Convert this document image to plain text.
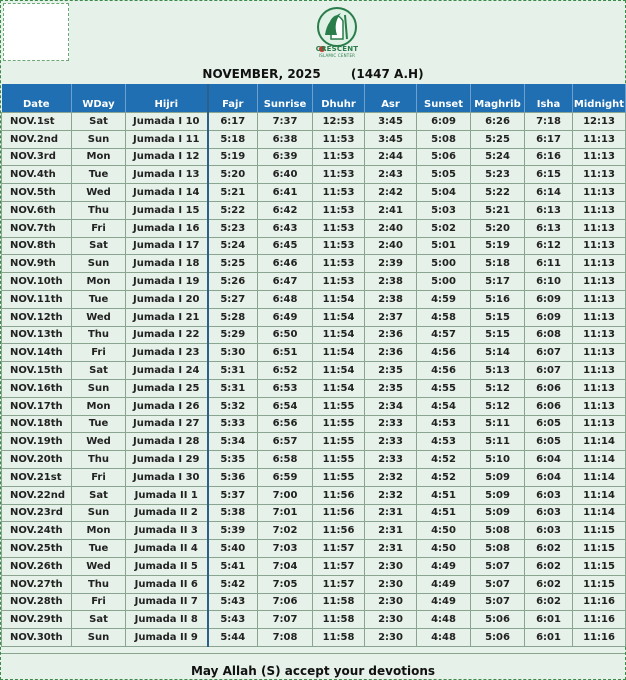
CRESCENT
ISLAMIC CENTER
NOVEMBER, 2025	(1447 A.H)
Date	WDay	Hijri	Fajr	Sunrise	Dhuhr	Asr	Sunset	Maghrib	Isha	Midnight
NOV.1st	Sat	Jumada I 10	6:17	7:37	12:53	3:45	6:09	6:26	7:18	12:13
NOV.2nd	Sun	Jumada I 11	5:18	6:38	11:53	3:45	5:08	5:25	6:17	11:13
NOV.3rd	Mon	Jumada I 12	5:19	6:39	11:53	2:44	5:06	5:24	6:16	11:13
NOV.4th	Tue	Jumada I 13	5:20	6:40	11:53	2:43	5:05	5:23	6:15	11:13
NOV.5th	Wed	Jumada I 14	5:21	6:41	11:53	2:42	5:04	5:22	6:14	11:13
NOV.6th	Thu	Jumada I 15	5:22	6:42	11:53	2:41	5:03	5:21	6:13	11:13
NOV.7th	Fri	Jumada I 16	5:23	6:43	11:53	2:40	5:02	5:20	6:13	11:13
NOV.8th	Sat	Jumada I 17	5:24	6:45	11:53	2:40	5:01	5:19	6:12	11:13
NOV.9th	Sun	Jumada I 18	5:25	6:46	11:53	2:39	5:00	5:18	6:11	11:13
NOV.10th	Mon	Jumada I 19	5:26	6:47	11:53	2:38	5:00	5:17	6:10	11:13
NOV.11th	Tue	Jumada I 20	5:27	6:48	11:54	2:38	4:59	5:16	6:09	11:13
NOV.12th	Wed	Jumada I 21	5:28	6:49	11:54	2:37	4:58	5:15	6:09	11:13
NOV.13th	Thu	Jumada I 22	5:29	6:50	11:54	2:36	4:57	5:15	6:08	11:13
NOV.14th	Fri	Jumada I 23	5:30	6:51	11:54	2:36	4:56	5:14	6:07	11:13
NOV.15th	Sat	Jumada I 24	5:31	6:52	11:54	2:35	4:56	5:13	6:07	11:13
NOV.16th	Sun	Jumada I 25	5:31	6:53	11:54	2:35	4:55	5:12	6:06	11:13
NOV.17th	Mon	Jumada I 26	5:32	6:54	11:55	2:34	4:54	5:12	6:06	11:13
NOV.18th	Tue	Jumada I 27	5:33	6:56	11:55	2:33	4:53	5:11	6:05	11:13
NOV.19th	Wed	Jumada I 28	5:34	6:57	11:55	2:33	4:53	5:11	6:05	11:14
NOV.20th	Thu	Jumada I 29	5:35	6:58	11:55	2:33	4:52	5:10	6:04	11:14
NOV.21st	Fri	Jumada I 30	5:36	6:59	11:55	2:32	4:52	5:09	6:04	11:14
NOV.22nd	Sat	Jumada II 1	5:37	7:00	11:56	2:32	4:51	5:09	6:03	11:14
NOV.23rd	Sun	Jumada II 2	5:38	7:01	11:56	2:31	4:51	5:09	6:03	11:14
NOV.24th	Mon	Jumada II 3	5:39	7:02	11:56	2:31	4:50	5:08	6:03	11:15
NOV.25th	Tue	Jumada II 4	5:40	7:03	11:57	2:31	4:50	5:08	6:02	11:15
NOV.26th	Wed	Jumada II 5	5:41	7:04	11:57	2:30	4:49	5:07	6:02	11:15
NOV.27th	Thu	Jumada II 6	5:42	7:05	11:57	2:30	4:49	5:07	6:02	11:15
NOV.28th	Fri	Jumada II 7	5:43	7:06	11:58	2:30	4:49	5:07	6:02	11:16
NOV.29th	Sat	Jumada II 8	5:43	7:07	11:58	2:30	4:48	5:06	6:01	11:16
NOV.30th	Sun	Jumada II 9	5:44	7:08	11:58	2:30	4:48	5:06	6:01	11:16
May Allah (S) accept your devotions
